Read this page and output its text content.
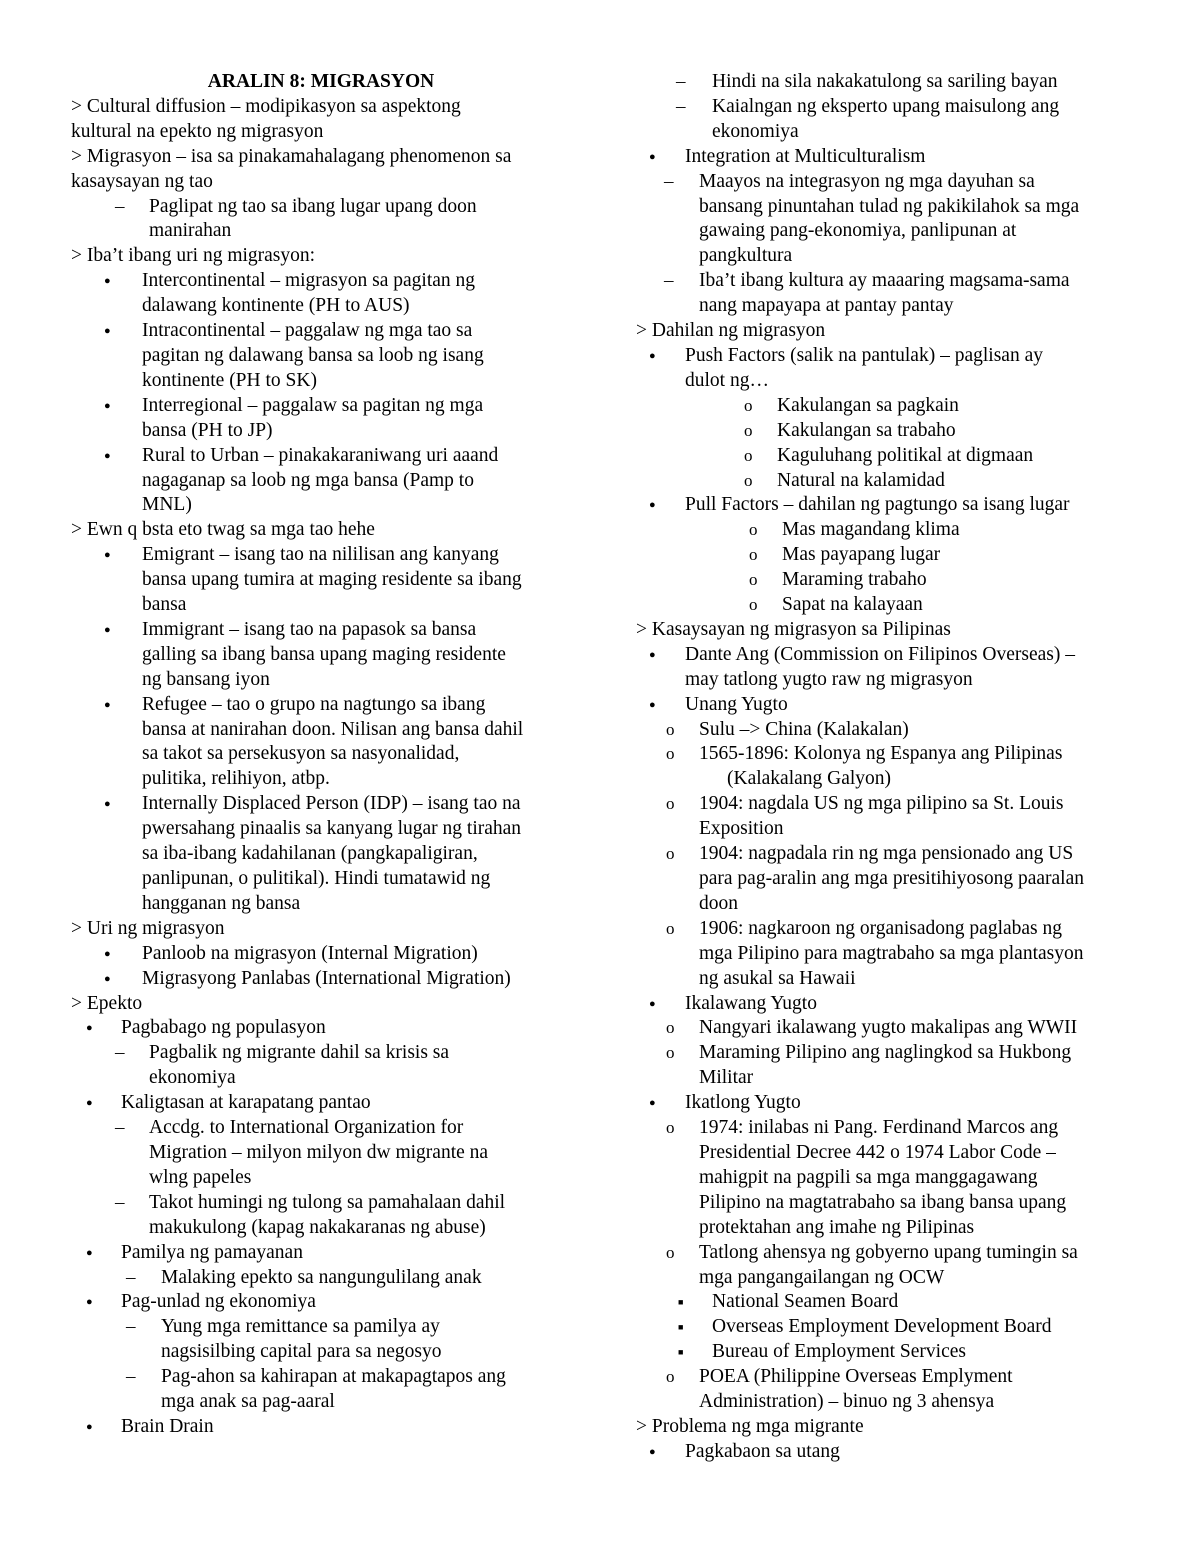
ARALIN 8: MIGRASYON
> Cultural diffusion – modipikasyon sa aspektong
kultural na epekto ng migrasyon
> Migrasyon – isa sa pinakamahalagang phenomenon sa
kasaysayan ng tao
–	Paglipat ng tao sa ibang lugar upang doon
manirahan
> Iba’t ibang uri ng migrasyon:
●	Intercontinental – migrasyon sa pagitan ng
dalawang kontinente (PH to AUS)
●	Intracontinental – paggalaw ng mga tao sa
pagitan ng dalawang bansa sa loob ng isang
kontinente (PH to SK)
●	Interregional – paggalaw sa pagitan ng mga
bansa (PH to JP)
●	Rural to Urban – pinakakaraniwang uri aaand
nagaganap sa loob ng mga bansa (Pamp to
MNL)
> Ewn q bsta eto twag sa mga tao hehe
●	Emigrant – isang tao na nililisan ang kanyang
bansa upang tumira at maging residente sa ibang
bansa
●	Immigrant – isang tao na papasok sa bansa
galling sa ibang bansa upang maging residente
ng bansang iyon
●	Refugee – tao o grupo na nagtungo sa ibang
bansa at nanirahan doon. Nilisan ang bansa dahil
sa takot sa persekusyon sa nasyonalidad,
pulitika, relihiyon, atbp.
●	Internally Displaced Person (IDP) – isang tao na
pwersahang pinaalis sa kanyang lugar ng tirahan
sa iba-ibang kadahilanan (pangkapaligiran,
panlipunan, o pulitikal). Hindi tumatawid ng
hangganan ng bansa
> Uri ng migrasyon
●	Panloob na migrasyon (Internal Migration)
●	Migrasyong Panlabas (International Migration)
> Epekto
●	Pagbabago ng populasyon
–	Pagbalik ng migrante dahil sa krisis sa
ekonomiya
●	Kaligtasan at karapatang pantao
–	Accdg. to International Organization for
Migration – milyon milyon dw migrante na
wlng papeles
–	Takot humingi ng tulong sa pamahalaan dahil
makukulong (kapag nakakaranas ng abuse)
●	Pamilya ng pamayanan
–	Malaking epekto sa nangungulilang anak
●	Pag-unlad ng ekonomiya
–	Yung mga remittance sa pamilya ay
nagsisilbing capital para sa negosyo
–	Pag-ahon sa kahirapan at makapagtapos ang
mga anak sa pag-aaral
●	Brain Drain
–	Hindi na sila nakakatulong sa sariling bayan
–	Kaialngan ng eksperto upang maisulong ang
ekonomiya
●	Integration at Multiculturalism
–	Maayos na integrasyon ng mga dayuhan sa
bansang pinuntahan tulad ng pakikilahok sa mga
gawaing pang-ekonomiya, panlipunan at
pangkultura
–	Iba’t ibang kultura ay maaaring magsama-sama
nang mapayapa at pantay pantay
> Dahilan ng migrasyon
●	Push Factors (salik na pantulak) – paglisan ay
dulot ng…
o	Kakulangan sa pagkain
o	Kakulangan sa trabaho
o	Kaguluhang politikal at digmaan
o	Natural na kalamidad
●	Pull Factors – dahilan ng pagtungo sa isang lugar
o	Mas magandang klima
o	Mas payapang lugar
o	Maraming trabaho
o	Sapat na kalayaan
> Kasaysayan ng migrasyon sa Pilipinas
●	Dante Ang (Commission on Filipinos Overseas) –
may tatlong yugto raw ng migrasyon
●	Unang Yugto
o	Sulu –> China (Kalakalan)
o	1565-1896: Kolonya ng Espanya ang Pilipinas
(Kalakalang Galyon)
o	1904: nagdala US ng mga pilipino sa St. Louis
Exposition
o	1904: nagpadala rin ng mga pensionado ang US
para pag-aralin ang mga presitihiyosong paaralan
doon
o	1906: nagkaroon ng organisadong paglabas ng
mga Pilipino para magtrabaho sa mga plantasyon
ng asukal sa Hawaii
●	Ikalawang Yugto
o	Nangyari ikalawang yugto makalipas ang WWII
o	Maraming Pilipino ang naglingkod sa Hukbong
Militar
●	Ikatlong Yugto
o	1974: inilabas ni Pang. Ferdinand Marcos ang
Presidential Decree 442 o 1974 Labor Code –
mahigpit na pagpili sa mga manggagawang
Pilipino na magtatrabaho sa ibang bansa upang
protektahan ang imahe ng Pilipinas
o	Tatlong ahensya ng gobyerno upang tumingin sa
mga pangangailangan ng OCW
■	National Seamen Board
■	Overseas Employment Development Board
■	Bureau of Employment Services
o	POEA (Philippine Overseas Emplyment
Administration) – binuo ng 3 ahensya
> Problema ng mga migrante
●	Pagkabaon sa utang
